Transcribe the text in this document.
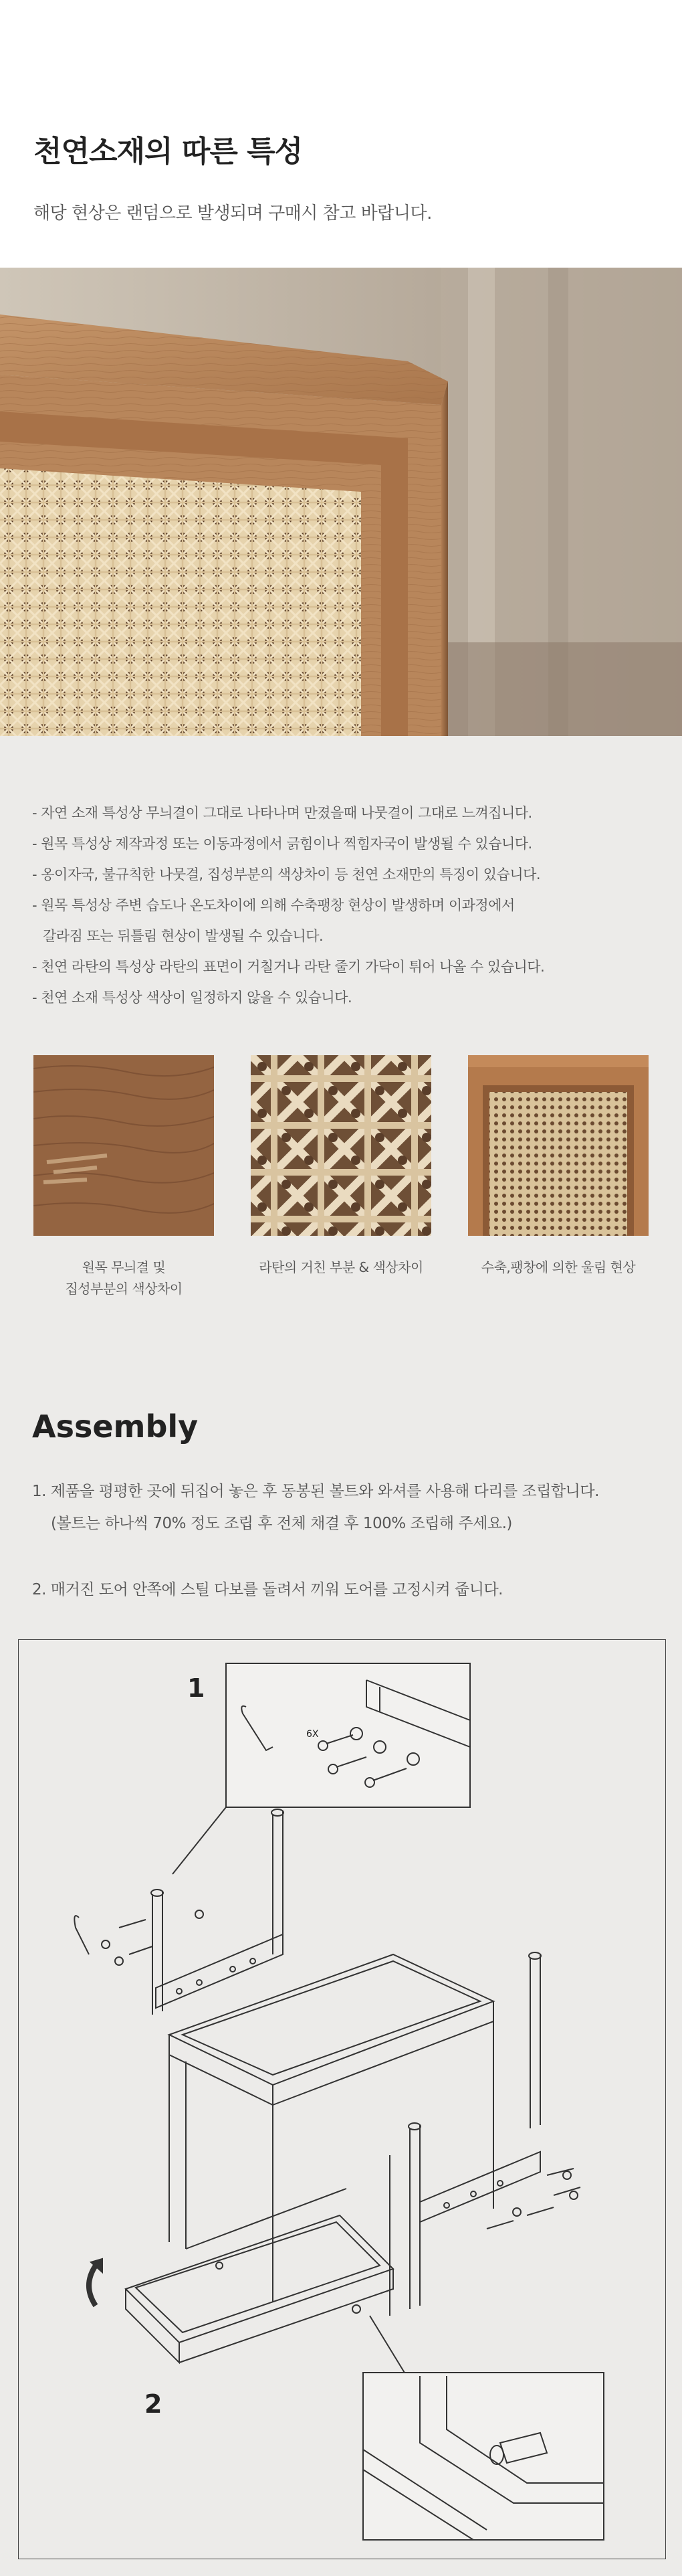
천연소재의 따른 특성

해당 현상은 랜덤으로 발생되며 구매시 참고 바랍니다.

- 자연 소재 특성상 무늬결이 그대로 나타나며 만졌을때 나뭇결이 그대로 느껴집니다.
- 원목 특성상 제작과정 또는 이동과정에서 긁힘이나 찍힘자국이 발생될 수 있습니다.
- 옹이자국, 불규칙한 나뭇결, 집성부분의 색상차이 등 천연 소재만의 특징이 있습니다.
- 원목 특성상 주변 습도나 온도차이에 의해 수축팽창 현상이 발생하며 이과정에서
갈라짐 또는 뒤틀림 현상이 발생될 수 있습니다.
- 천연 라탄의 특성상 라탄의 표면이 거칠거나 라탄 줄기 가닥이 튀어 나올 수 있습니다.
- 천연 소재 특성상 색상이 일정하지 않을 수 있습니다.
원목 무늬결 및
집성부분의 색상차이
라탄의 거친 부분 & 색상차이	수축,팽창에 의한 울림 현상
Assembly

1. 제품을 평평한 곳에 뒤집어 놓은 후 동봉된 볼트와 와셔를 사용해 다리를 조립합니다.

(볼트는 하나씩 70% 정도 조립 후 전체 채결 후 100% 조립해 주세요.)

2. 매거진 도어 안쪽에 스틸 다보를 돌려서 끼워 도어를 고정시켜 줍니다.

1
6X
2
